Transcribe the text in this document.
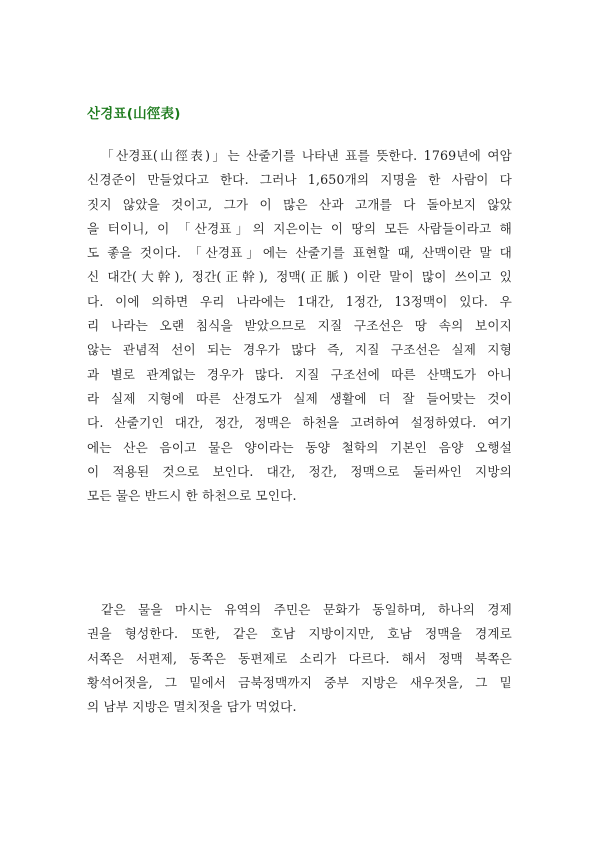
산경표(山徑表)

「산경표(山徑表)」는 산줄기를 나타낸 표를 뜻한다. 1769년에 여암
신경준이 만들었다고 한다. 그러나 1,650개의 지명을 한 사람이 다
짓지 않았을 것이고, 그가 이 많은 산과 고개를 다 돌아보지 않았
을 터이니, 이 「산경표」의 지은이는 이 땅의 모든 사람들이라고 해
도 좋을 것이다. 「산경표」에는 산줄기를 표현할 때, 산맥이란 말 대
신 대간(大幹), 정간(正幹), 정맥(正脈) 이란 말이 많이 쓰이고 있
다. 이에 의하면 우리 나라에는 1대간, 1정간, 13정맥이 있다. 우
리 나라는 오랜 침식을 받았으므로 지질 구조선은 땅 속의 보이지
않는 관념적 선이 되는 경우가 많다 즉, 지질 구조선은 실제 지형
과 별로 관계없는 경우가 많다. 지질 구조선에 따른 산맥도가 아니
라 실제 지형에 따른 산경도가 실제 생활에 더 잘 들어맞는 것이
다. 산줄기인 대간, 정간, 정맥은 하천을 고려하여 설정하였다. 여기
에는 산은 음이고 물은 양이라는 동양 철학의 기본인 음양 오행설
이 적용된 것으로 보인다. 대간, 정간, 정맥으로 둘러싸인 지방의
모든 물은 반드시 한 하천으로 모인다.

같은 물을 마시는 유역의 주민은 문화가 동일하며, 하나의 경제
권을 형성한다. 또한, 같은 호남 지방이지만, 호남 정맥을 경계로
서쪽은 서편제, 동쪽은 동편제로 소리가 다르다. 해서 정맥 북쪽은
황석어젓을, 그 밑에서 금북정맥까지 중부 지방은 새우젓을, 그 밑
의 남부 지방은 멸치젓을 담가 먹었다.
